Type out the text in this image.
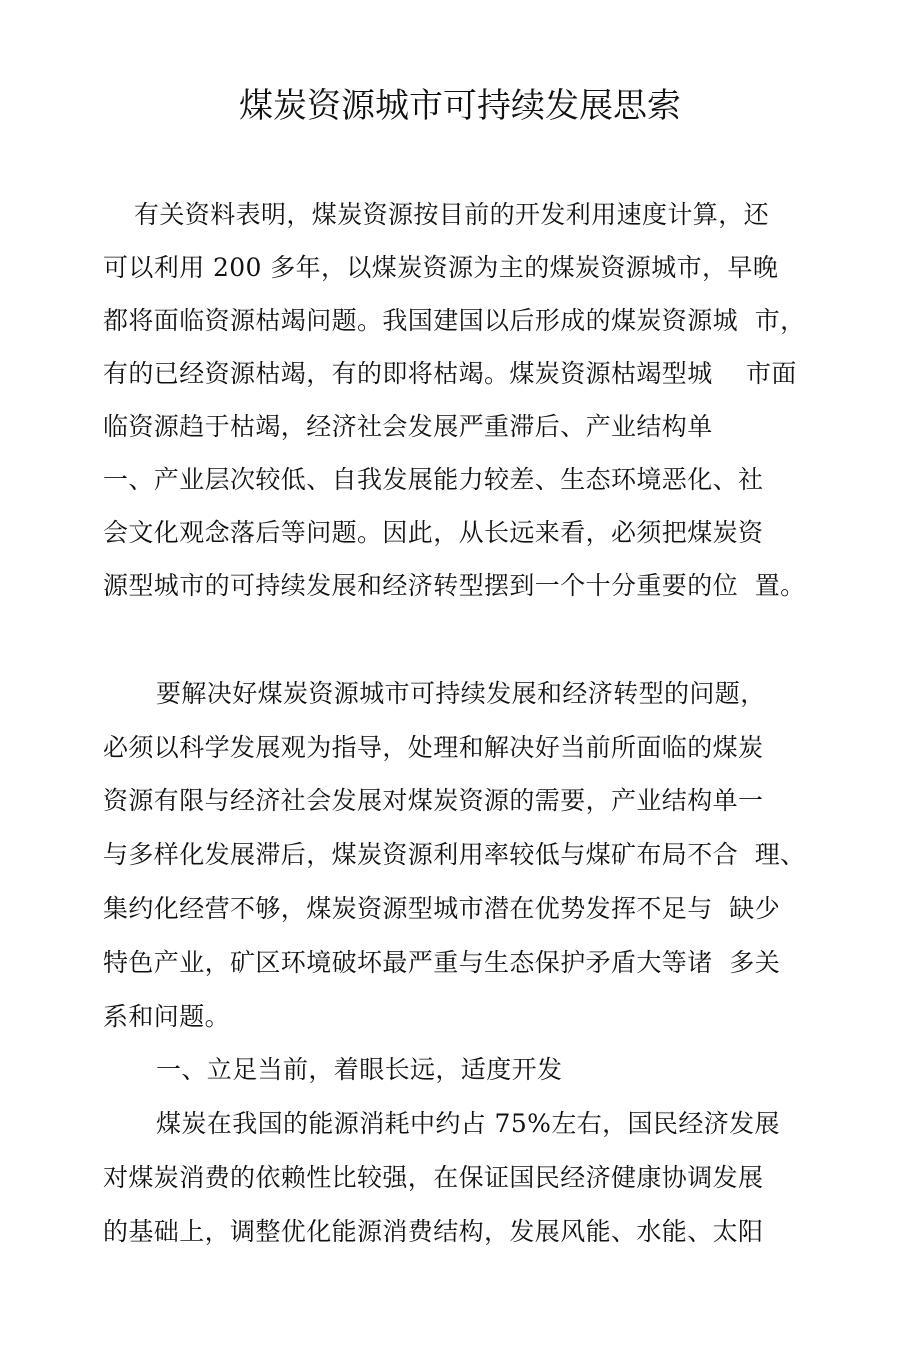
煤炭资源城市可持续发展思索
有关资料表明，煤炭资源按目前的开发利用速度计算，还
可以利用 200 多年，以煤炭资源为主的煤炭资源城市，早晚
都将面临资源枯竭问题。我国建国以后形成的煤炭资源城  市，
有的已经资源枯竭，有的即将枯竭。煤炭资源枯竭型城    市面
临资源趋于枯竭，经济社会发展严重滞后、产业结构单
一、产业层次较低、自我发展能力较差、生态环境恶化、社
会文化观念落后等问题。因此，从长远来看，必须把煤炭资
源型城市的可持续发展和经济转型摆到一个十分重要的位  置。
要解决好煤炭资源城市可持续发展和经济转型的问题，
必须以科学发展观为指导，处理和解决好当前所面临的煤炭
资源有限与经济社会发展对煤炭资源的需要，产业结构单一
与多样化发展滞后，煤炭资源利用率较低与煤矿布局不合  理、
集约化经营不够，煤炭资源型城市潜在优势发挥不足与  缺少
特色产业，矿区环境破坏最严重与生态保护矛盾大等诸  多关
系和问题。
一、立足当前，着眼长远，适度开发
煤炭在我国的能源消耗中约占 75%左右，国民经济发展
对煤炭消费的依赖性比较强，在保证国民经济健康协调发展
的基础上，调整优化能源消费结构，发展风能、水能、太阳
